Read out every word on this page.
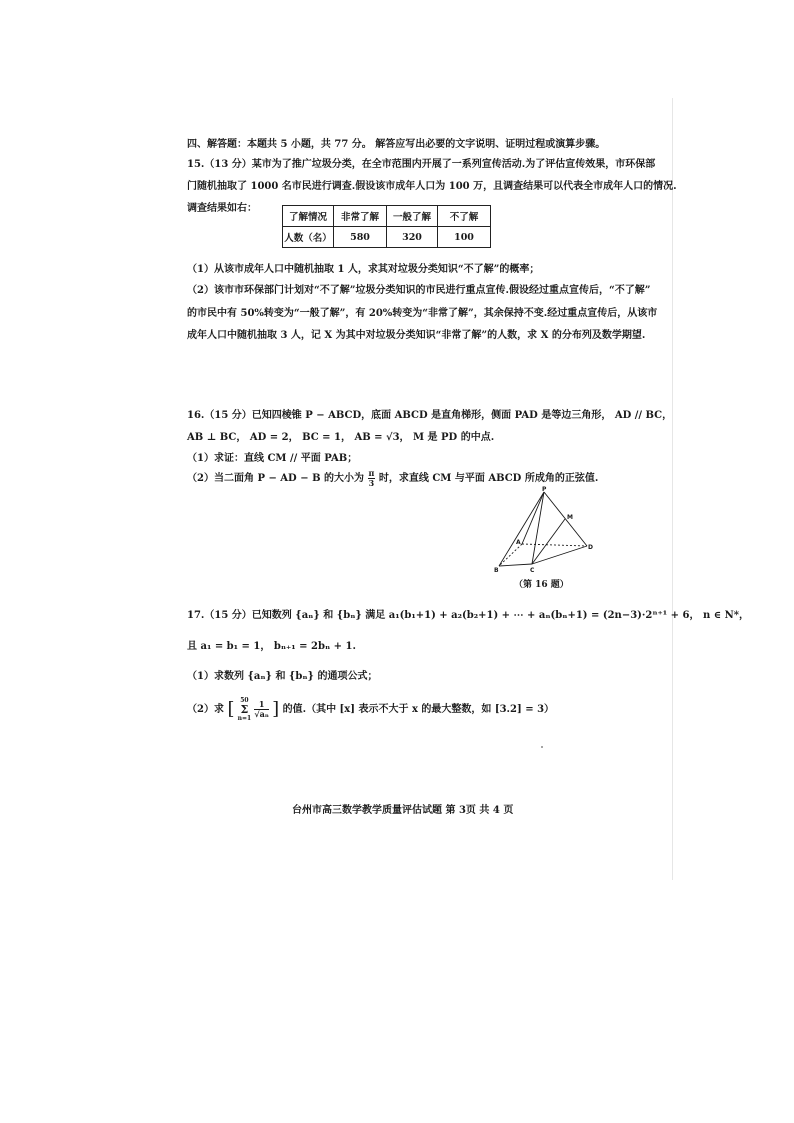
四、解答题：本题共 5 小题，共 77 分。 解答应写出必要的文字说明、证明过程或演算步骤。
15.（13 分）某市为了推广垃圾分类，在全市范围内开展了一系列宣传活动.为了评估宣传效果，市环保部
门随机抽取了 1000 名市民进行调查.假设该市成年人口为 100 万，且调查结果可以代表全市成年人口的情况.
调查结果如右：
了解情况	非常了解	一般了解	不了解
人数（名）	580	320	100
（1）从该市成年人口中随机抽取 1 人，求其对垃圾分类知识“不了解”的概率；
（2）该市市环保部门计划对“不了解”垃圾分类知识的市民进行重点宣传.假设经过重点宣传后，“不了解”
的市民中有 50%转变为“一般了解”，有 20%转变为“非常了解”，其余保持不变.经过重点宣传后，从该市
成年人口中随机抽取 3 人，记 X 为其中对垃圾分类知识“非常了解”的人数，求 X 的分布列及数学期望.
16.（15 分）已知四棱锥 P − ABCD，底面 ABCD 是直角梯形，侧面 PAD 是等边三角形， AD // BC，
AB ⊥ BC， AD = 2， BC = 1， AB = √3， M 是 PD 的中点.
（1）求证：直线 CM // 平面 PAB；
（2）当二面角 P − AD − B 的大小为 $\frac{\pi}{3}$ 时，求直线 CM 与平面 ABCD 所成角的正弦值.
P
M
A
B	C
D
（第 16 题）
17.（15 分）已知数列 {aₙ} 和 {bₙ} 满足 a₁(b₁+1) + a₂(b₂+1) + ⋯ + aₙ(bₙ+1) = (2n−3)·2ⁿ⁺¹ + 6， n ∈ N*，
且 a₁ = b₁ = 1， bₙ₊₁ = 2bₙ + 1.
（1）求数列 {aₙ} 和 {bₙ} 的通项公式；
（2）求 [ 50
Σ
n=1
$\frac{1}{\text{√aₙ}}$ ] 的值.（其中 [x] 表示不大于 x 的最大整数，如 [3.2] = 3）
台州市高三数学教学质量评估试题 第 3页 共 4 页
